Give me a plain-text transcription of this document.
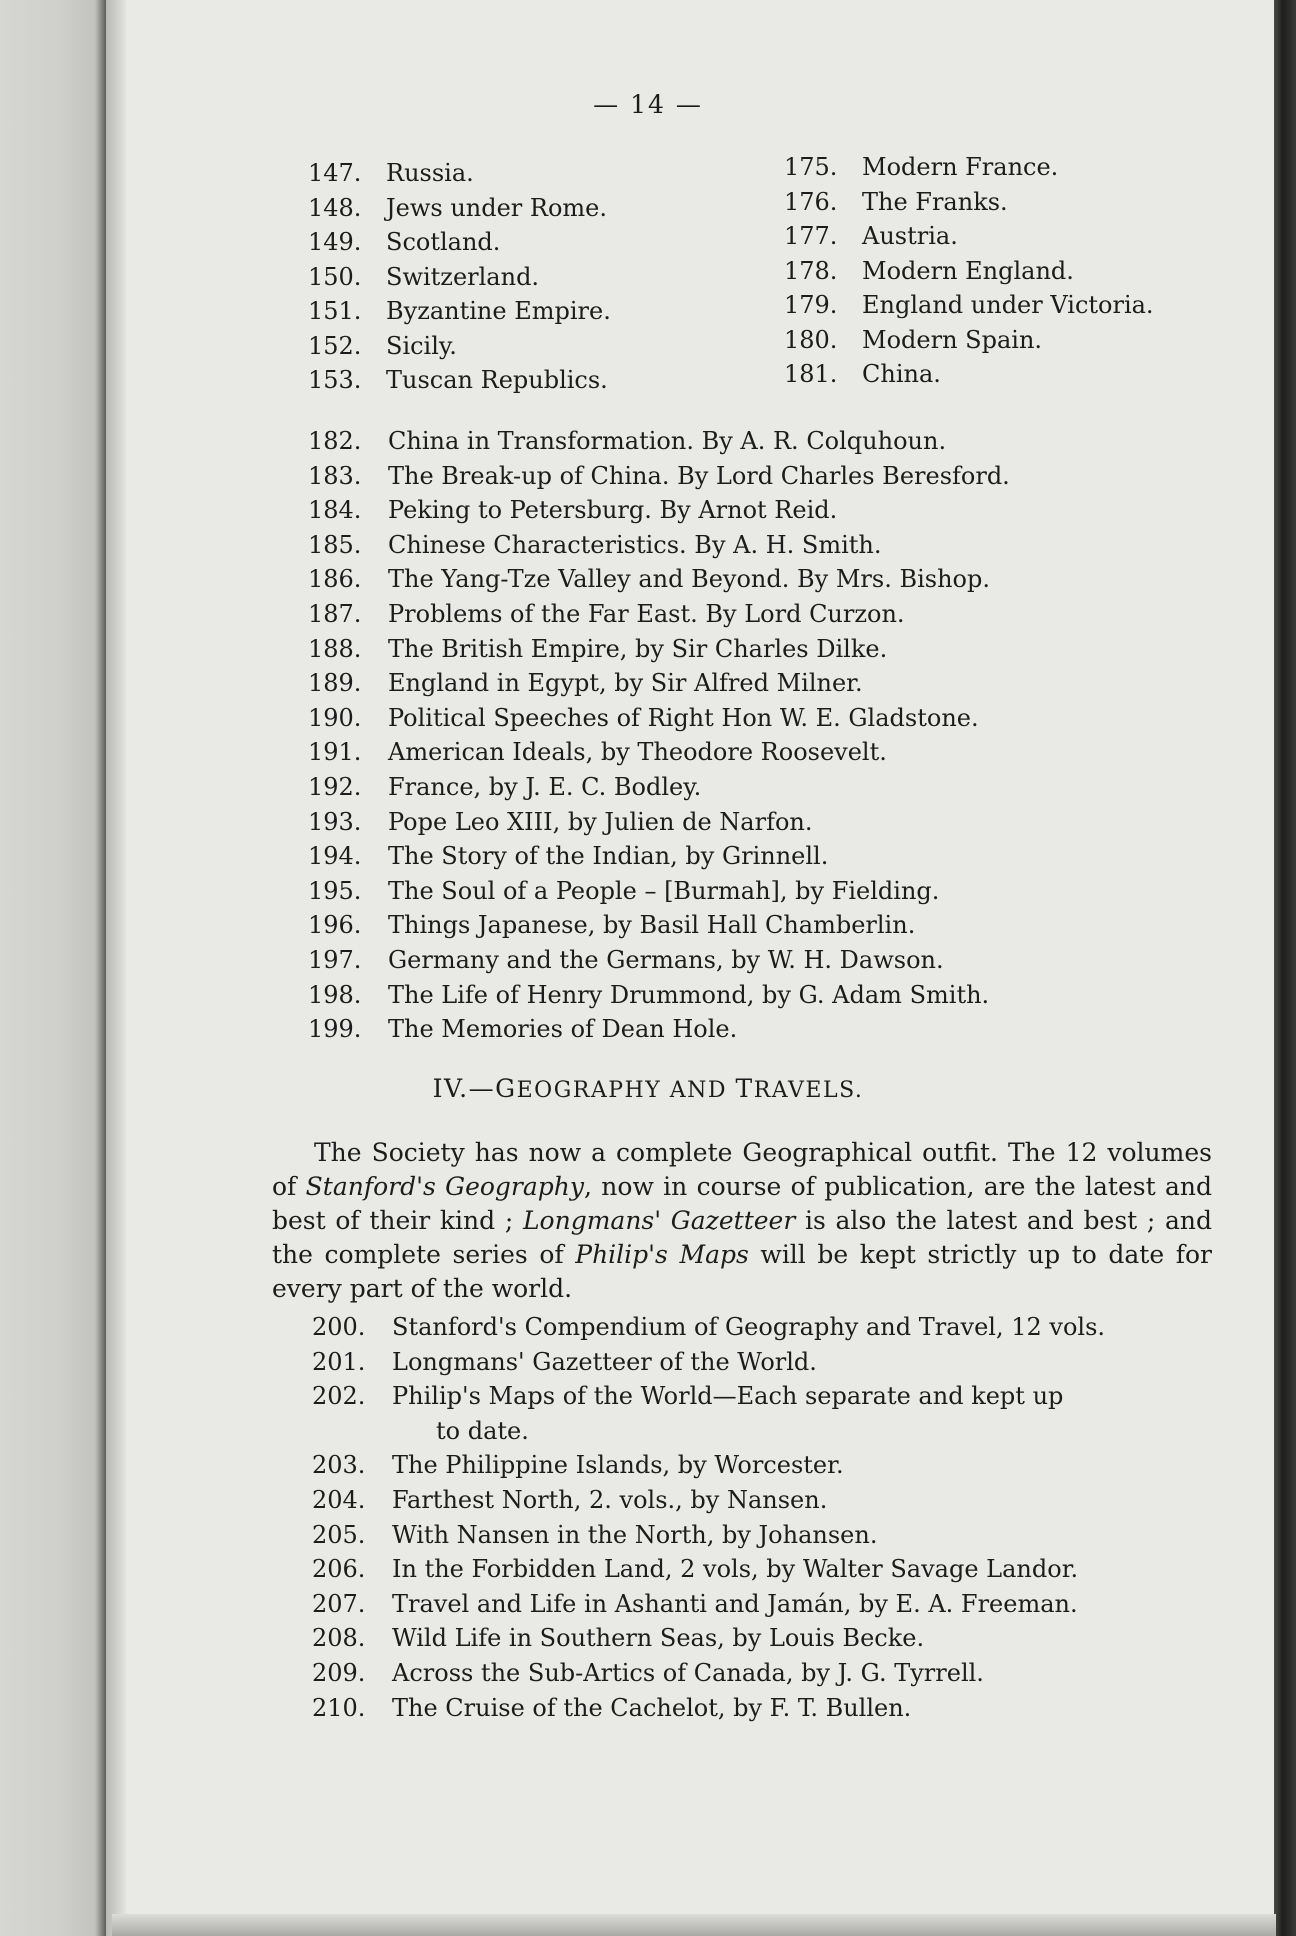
— 14 —
147. Russia.
148. Jews under Rome.
149. Scotland.
150. Switzerland.
151. Byzantine Empire.
152. Sicily.
153. Tuscan Republics.
175. Modern France.
176. The Franks.
177. Austria.
178. Modern England.
179. England under Victoria.
180. Modern Spain.
181. China.
182. China in Transformation. By A. R. Colquhoun.
183. The Break-up of China. By Lord Charles Beresford.
184. Peking to Petersburg. By Arnot Reid.
185. Chinese Characteristics. By A. H. Smith.
186. The Yang-Tze Valley and Beyond. By Mrs. Bishop.
187. Problems of the Far East. By Lord Curzon.
188. The British Empire, by Sir Charles Dilke.
189. England in Egypt, by Sir Alfred Milner.
190. Political Speeches of Right Hon W. E. Gladstone.
191. American Ideals, by Theodore Roosevelt.
192. France, by J. E. C. Bodley.
193. Pope Leo XIII, by Julien de Narfon.
194. The Story of the Indian, by Grinnell.
195. The Soul of a People – [Burmah], by Fielding.
196. Things Japanese, by Basil Hall Chamberlin.
197. Germany and the Germans, by W. H. Dawson.
198. The Life of Henry Drummond, by G. Adam Smith.
199. The Memories of Dean Hole.
IV.—GEOGRAPHY AND TRAVELS.
The Society has now a complete Geographical outfit. The 12 volumes of Stanford's Geography, now in course of publication, are the latest and best of their kind ; Longmans' Gazetteer is also the latest and best ; and the complete series of Philip's Maps will be kept strictly up to date for every part of the world.
200. Stanford's Compendium of Geography and Travel, 12 vols.
201. Longmans' Gazetteer of the World.
202. Philip's Maps of the World—Each separate and kept up
to date.
203. The Philippine Islands, by Worcester.
204. Farthest North, 2. vols., by Nansen.
205. With Nansen in the North, by Johansen.
206. In the Forbidden Land, 2 vols, by Walter Savage Landor.
207. Travel and Life in Ashanti and Jamán, by E. A. Freeman.
208. Wild Life in Southern Seas, by Louis Becke.
209. Across the Sub-Artics of Canada, by J. G. Tyrrell.
210. The Cruise of the Cachelot, by F. T. Bullen.
